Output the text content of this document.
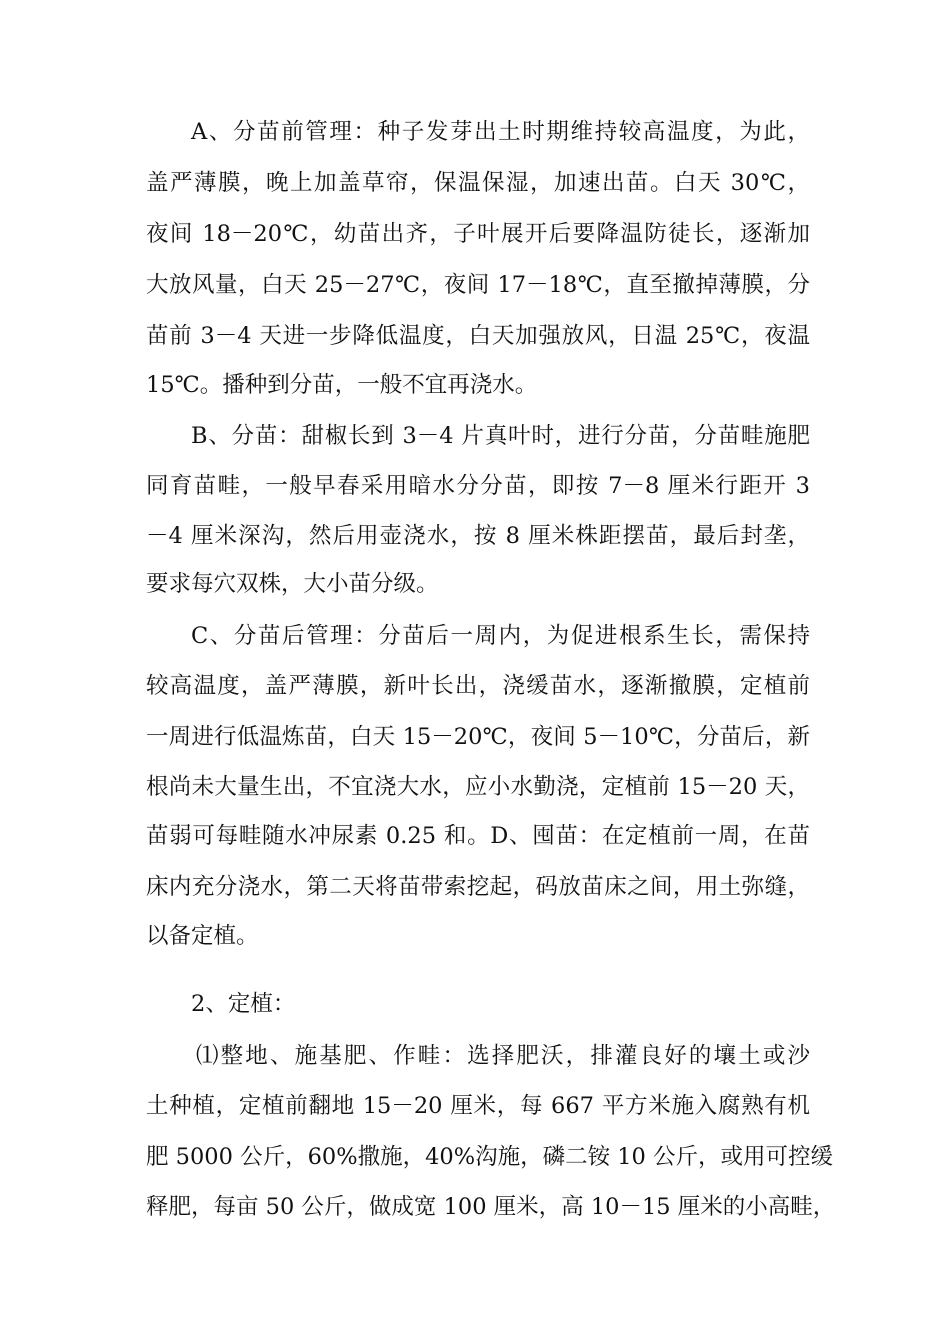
A、分苗前管理：种子发芽出土时期维持较高温度，为此，
盖严薄膜，晚上加盖草帘，保温保湿，加速出苗。白天 30℃，
夜间 18－20℃，幼苗出齐，子叶展开后要降温防徒长，逐渐加
大放风量，白天 25－27℃，夜间 17－18℃，直至撤掉薄膜，分
苗前 3－4 天进一步降低温度，白天加强放风，日温 25℃，夜温
15℃。播种到分苗，一般不宜再浇水。
B、分苗：甜椒长到 3－4 片真叶时，进行分苗，分苗畦施肥
同育苗畦，一般早春采用暗水分分苗，即按 7－8 厘米行距开 3
－4 厘米深沟，然后用壶浇水，按 8 厘米株距摆苗，最后封垄，
要求每穴双株，大小苗分级。
C、分苗后管理：分苗后一周内，为促进根系生长，需保持
较高温度，盖严薄膜，新叶长出，浇缓苗水，逐渐撤膜，定植前
一周进行低温炼苗，白天 15－20℃，夜间 5－10℃，分苗后，新
根尚未大量生出，不宜浇大水，应小水勤浇，定植前 15－20 天，
苗弱可每畦随水冲尿素 0.25 和。D、囤苗：在定植前一周，在苗
床内充分浇水，第二天将苗带索挖起，码放苗床之间，用土弥缝，
以备定植。
2、定植：
⑴整地、施基肥、作畦：选择肥沃，排灌良好的壤土或沙
土种植，定植前翻地 15－20 厘米，每 667 平方米施入腐熟有机
肥 5000 公斤，60%撒施，40%沟施，磷二铵 10 公斤，或用可控缓
释肥，每亩 50 公斤，做成宽 100 厘米，高 10－15 厘米的小高畦，
